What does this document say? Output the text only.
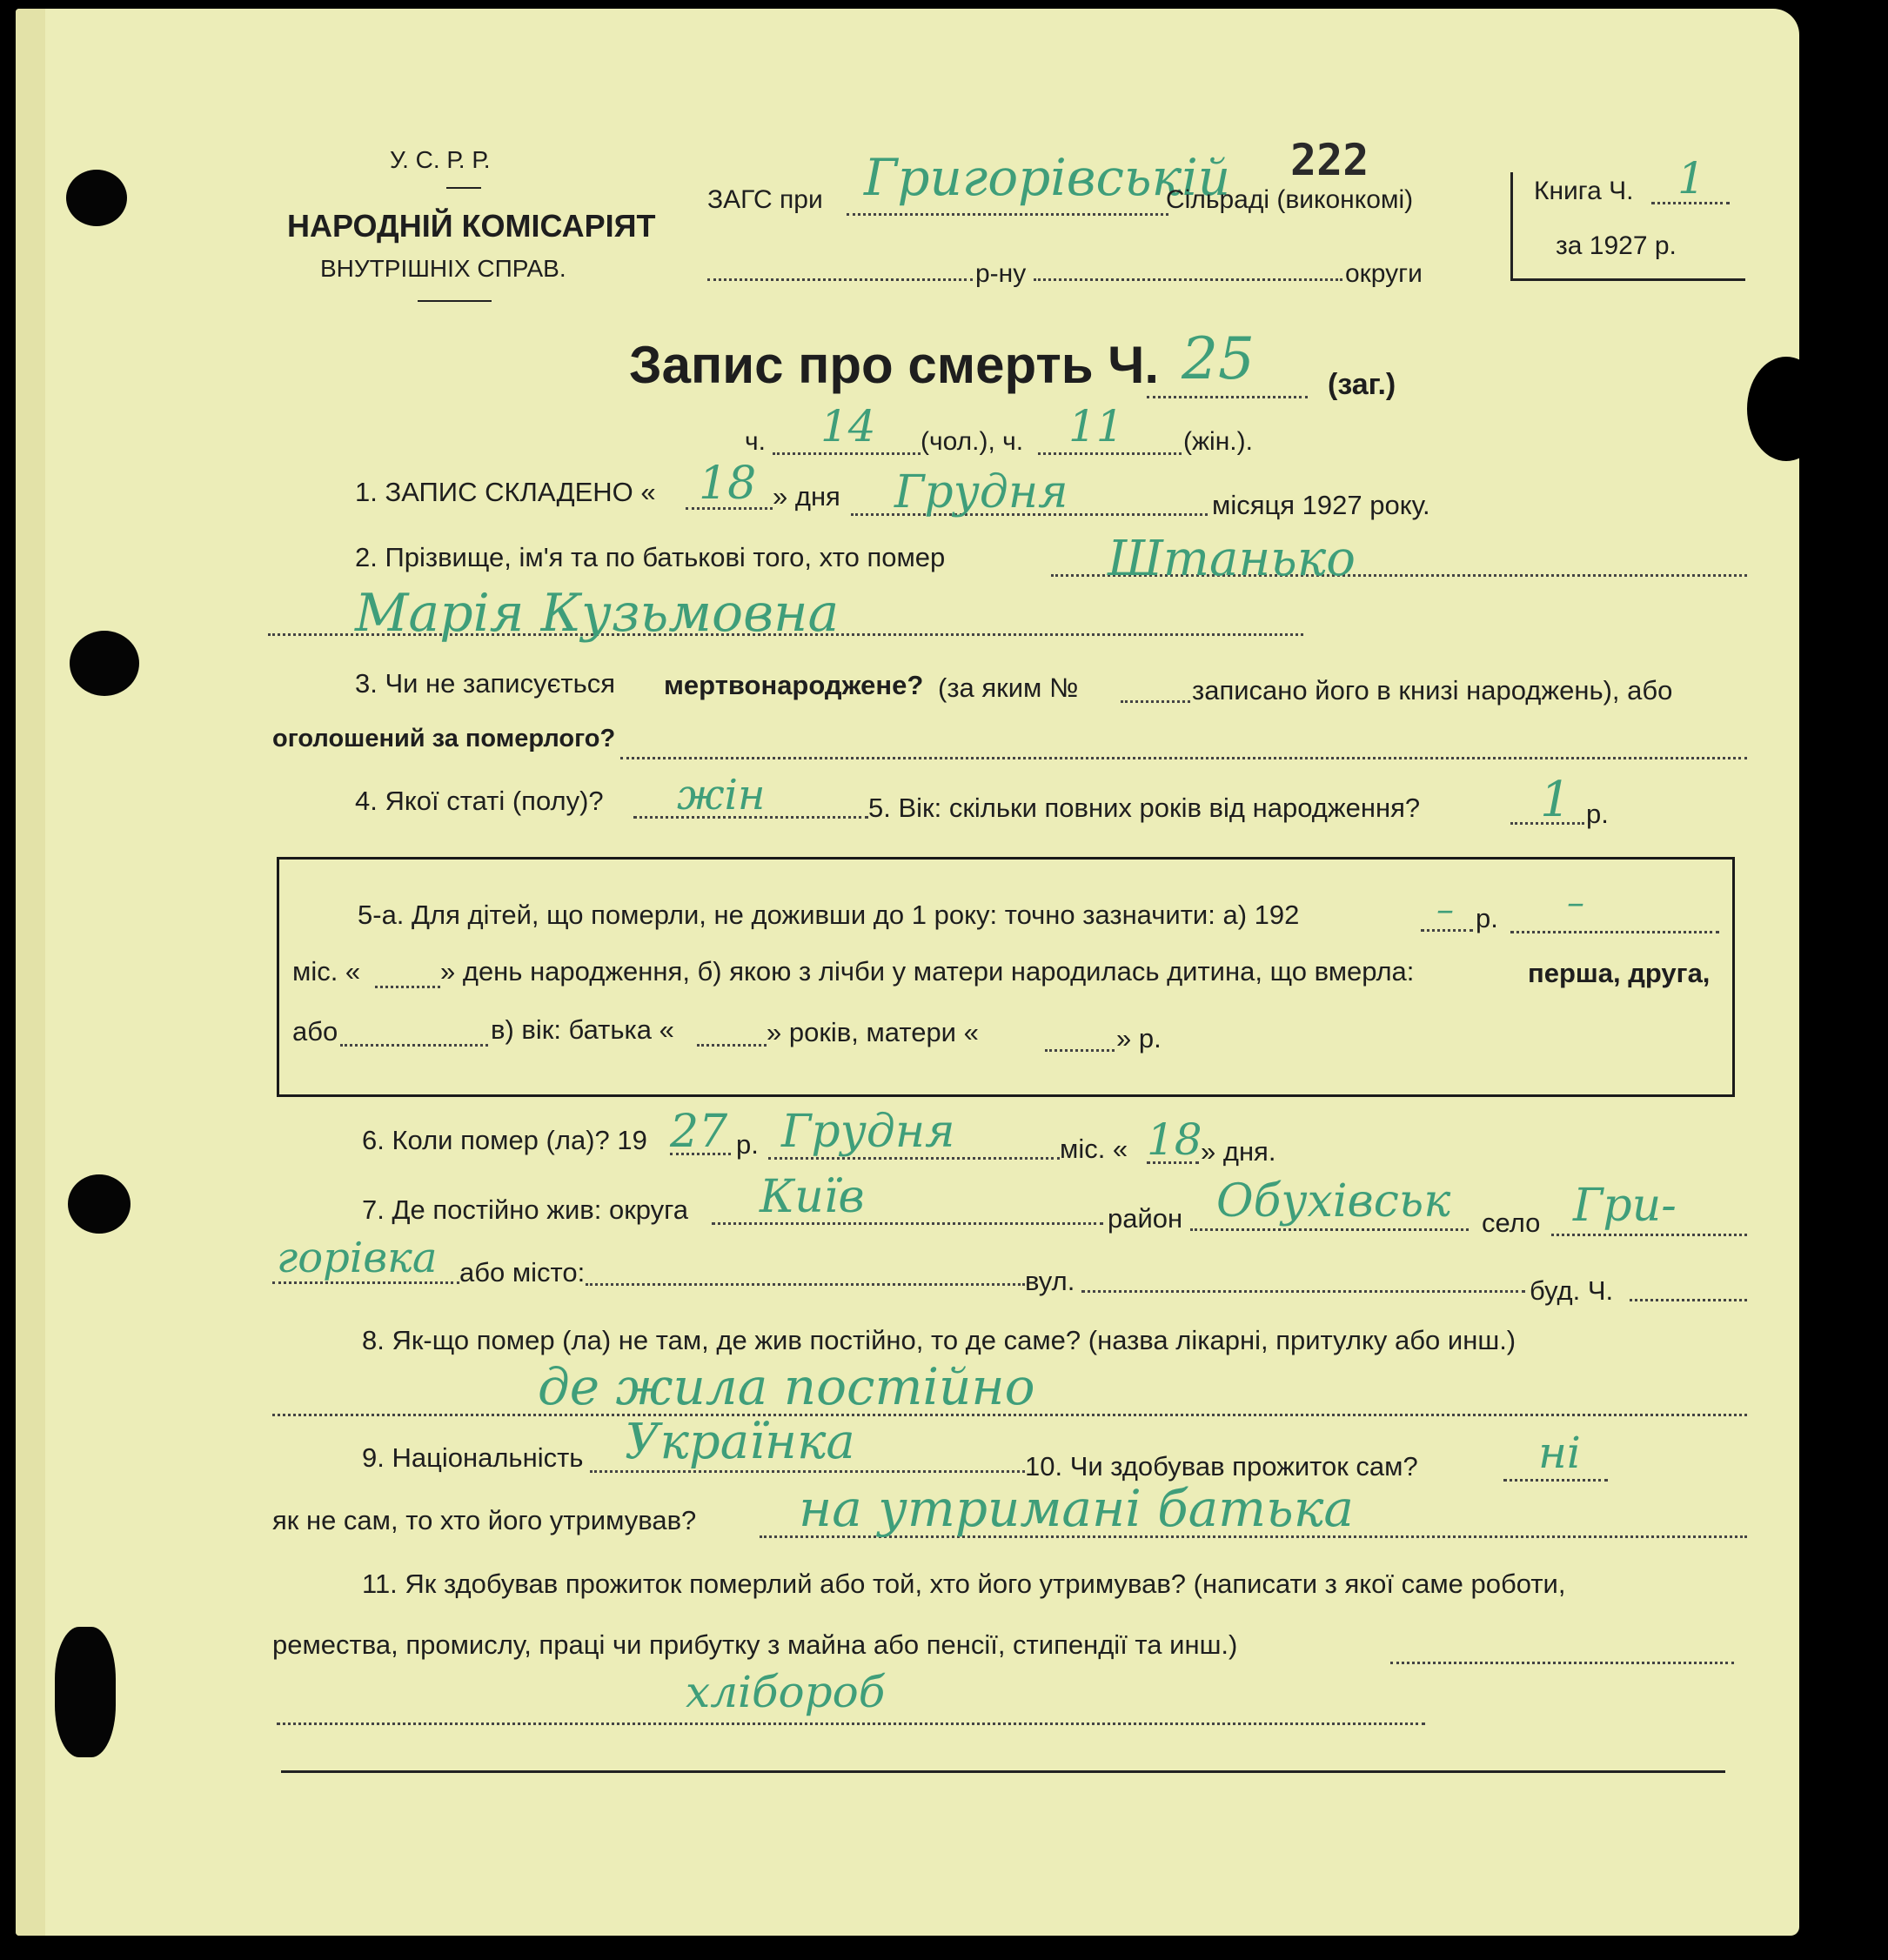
У. С. Р. Р.
НАРОДНІЙ КОМІСАРІЯТ
ВНУТРІШНІХ СПРАВ.
222
ЗАГС при Григорівській
Сільраді (виконкомі)
р-ну	округи
Книга Ч. 1
за 1927 р.
Запис про смерть Ч. 25 (заг.)
ч. 14 (чол.), ч. 11 (жін.).
1. ЗАПИС СКЛАДЕНО « 18 » дня Грудня	місяця 1927 року.
2. Прізвище, ім'я та по батькові того, хто помер	Штанько
Марія Кузьмовна
3. Чи не записується мертвонароджене? (за яким №	записано його в книзі народжень), або
оголошений за померлого?
4. Якої статі (полу)? жін	5. Вік: скільки повних років від народження? 1 р.
5-а. Для дітей, що померли, не доживши до 1 року: точно зазначити: а) 192	– р. –
міс. «	» день народження, б) якою з лічби у матери народилась дитина, що вмерла:	перша, друга,
або	в) вік: батька «	» років, матери «	» р.
6. Коли помер (ла)? 19 27 р. Грудня	міс. « 18
» дня.
7. Де постійно жив: округа Київ	район Обухівськ село Гри-
горівка або місто:	вул.	буд. Ч.
8. Як-що помер (ла) не там, де жив постійно, то де саме? (назва лікарні, притулку або инш.)
де жила постійно
9. Національність Українка	10. Чи здобував прожиток сам?	ні
як не сам, то хто його утримував? на утримані батька
11. Як здобував прожиток померлий або той, хто його утримував? (написати з якої саме роботи,
ремества, промислу, праці чи прибутку з майна або пенсії, стипендії та инш.)
хлібороб
